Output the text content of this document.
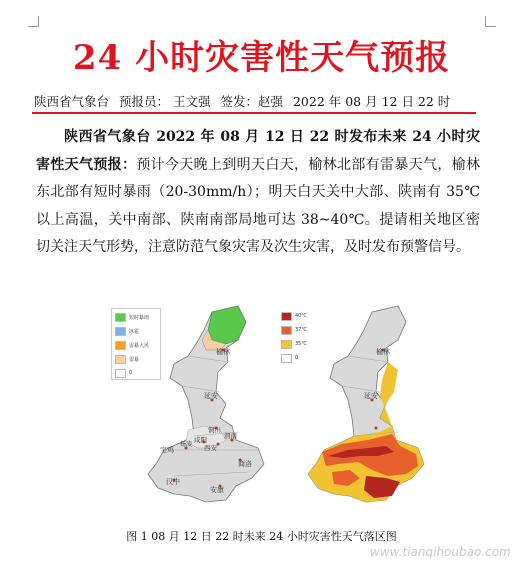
24 小时灾害性天气预报
陕西省气象台 预报员： 王文强 签发：赵强 2022 年 08 月 12 日 22 时
陕西省气象台 2022 年 08 月 12 日 22 时发布未来 24 小时灾害性天气预报：预计今天晚上到明天白天，榆林北部有雷暴天气，榆林东北部有短时暴雨（20-30mm/h）；明天白天关中大部、陕南有 35℃以上高温，关中南部、陕南南部局地可达 38~40℃。提请相关地区密切关注天气形势，注意防范气象灾害及次生灾害，及时发布预警信号。
榆林
延安
铜川
宝鸡
咸阳
西安
渭南
杨凌
商洛
汉中
安康
榆林
延安
短时暴雨
冰雹
雷暴大风
雷暴
0
40℃
37℃
35℃
0
图 1 08 月 12 日 22 时未来 24 小时灾害性天气落区图
www.tianqihoubao.com
